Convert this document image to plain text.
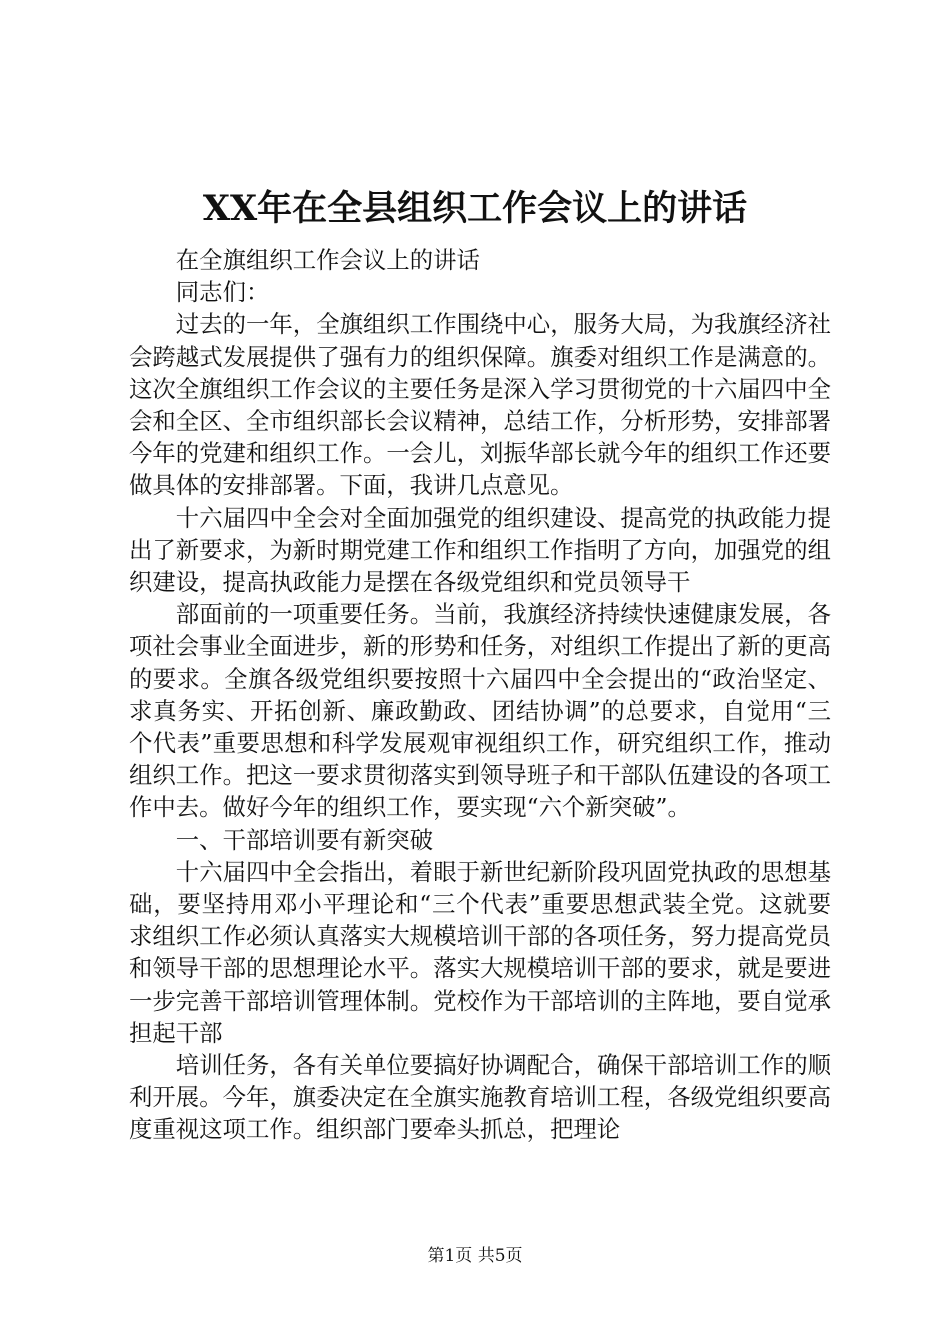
XX年在全县组织工作会议上的讲话

在全旗组织工作会议上的讲话

同志们：

过去的一年，全旗组织工作围绕中心，服务大局，为我旗经济社会跨越式发展提供了强有力的组织保障。旗委对组织工作是满意的。这次全旗组织工作会议的主要任务是深入学习贯彻党的十六届四中全会和全区、全市组织部长会议精神，总结工作，分析形势，安排部署今年的党建和组织工作。一会儿，刘振华部长就今年的组织工作还要做具体的安排部署。下面，我讲几点意见。

十六届四中全会对全面加强党的组织建设、提高党的执政能力提出了新要求，为新时期党建工作和组织工作指明了方向，加强党的组织建设，提高执政能力是摆在各级党组织和党员领导干

部面前的一项重要任务。当前，我旗经济持续快速健康发展，各项社会事业全面进步，新的形势和任务，对组织工作提出了新的更高的要求。全旗各级党组织要按照十六届四中全会提出的“政治坚定、求真务实、开拓创新、廉政勤政、团结协调”的总要求，自觉用“三个代表”重要思想和科学发展观审视组织工作，研究组织工作，推动组织工作。把这一要求贯彻落实到领导班子和干部队伍建设的各项工作中去。做好今年的组织工作，要实现“六个新突破”。

一、干部培训要有新突破

十六届四中全会指出，着眼于新世纪新阶段巩固党执政的思想基础，要坚持用邓小平理论和“三个代表”重要思想武装全党。这就要求组织工作必须认真落实大规模培训干部的各项任务，努力提高党员和领导干部的思想理论水平。落实大规模培训干部的要求，就是要进一步完善干部培训管理体制。党校作为干部培训的主阵地，要自觉承担起干部

培训任务，各有关单位要搞好协调配合，确保干部培训工作的顺利开展。今年，旗委决定在全旗实施教育培训工程，各级党组织要高度重视这项工作。组织部门要牵头抓总，把理论

第1页 共5页
